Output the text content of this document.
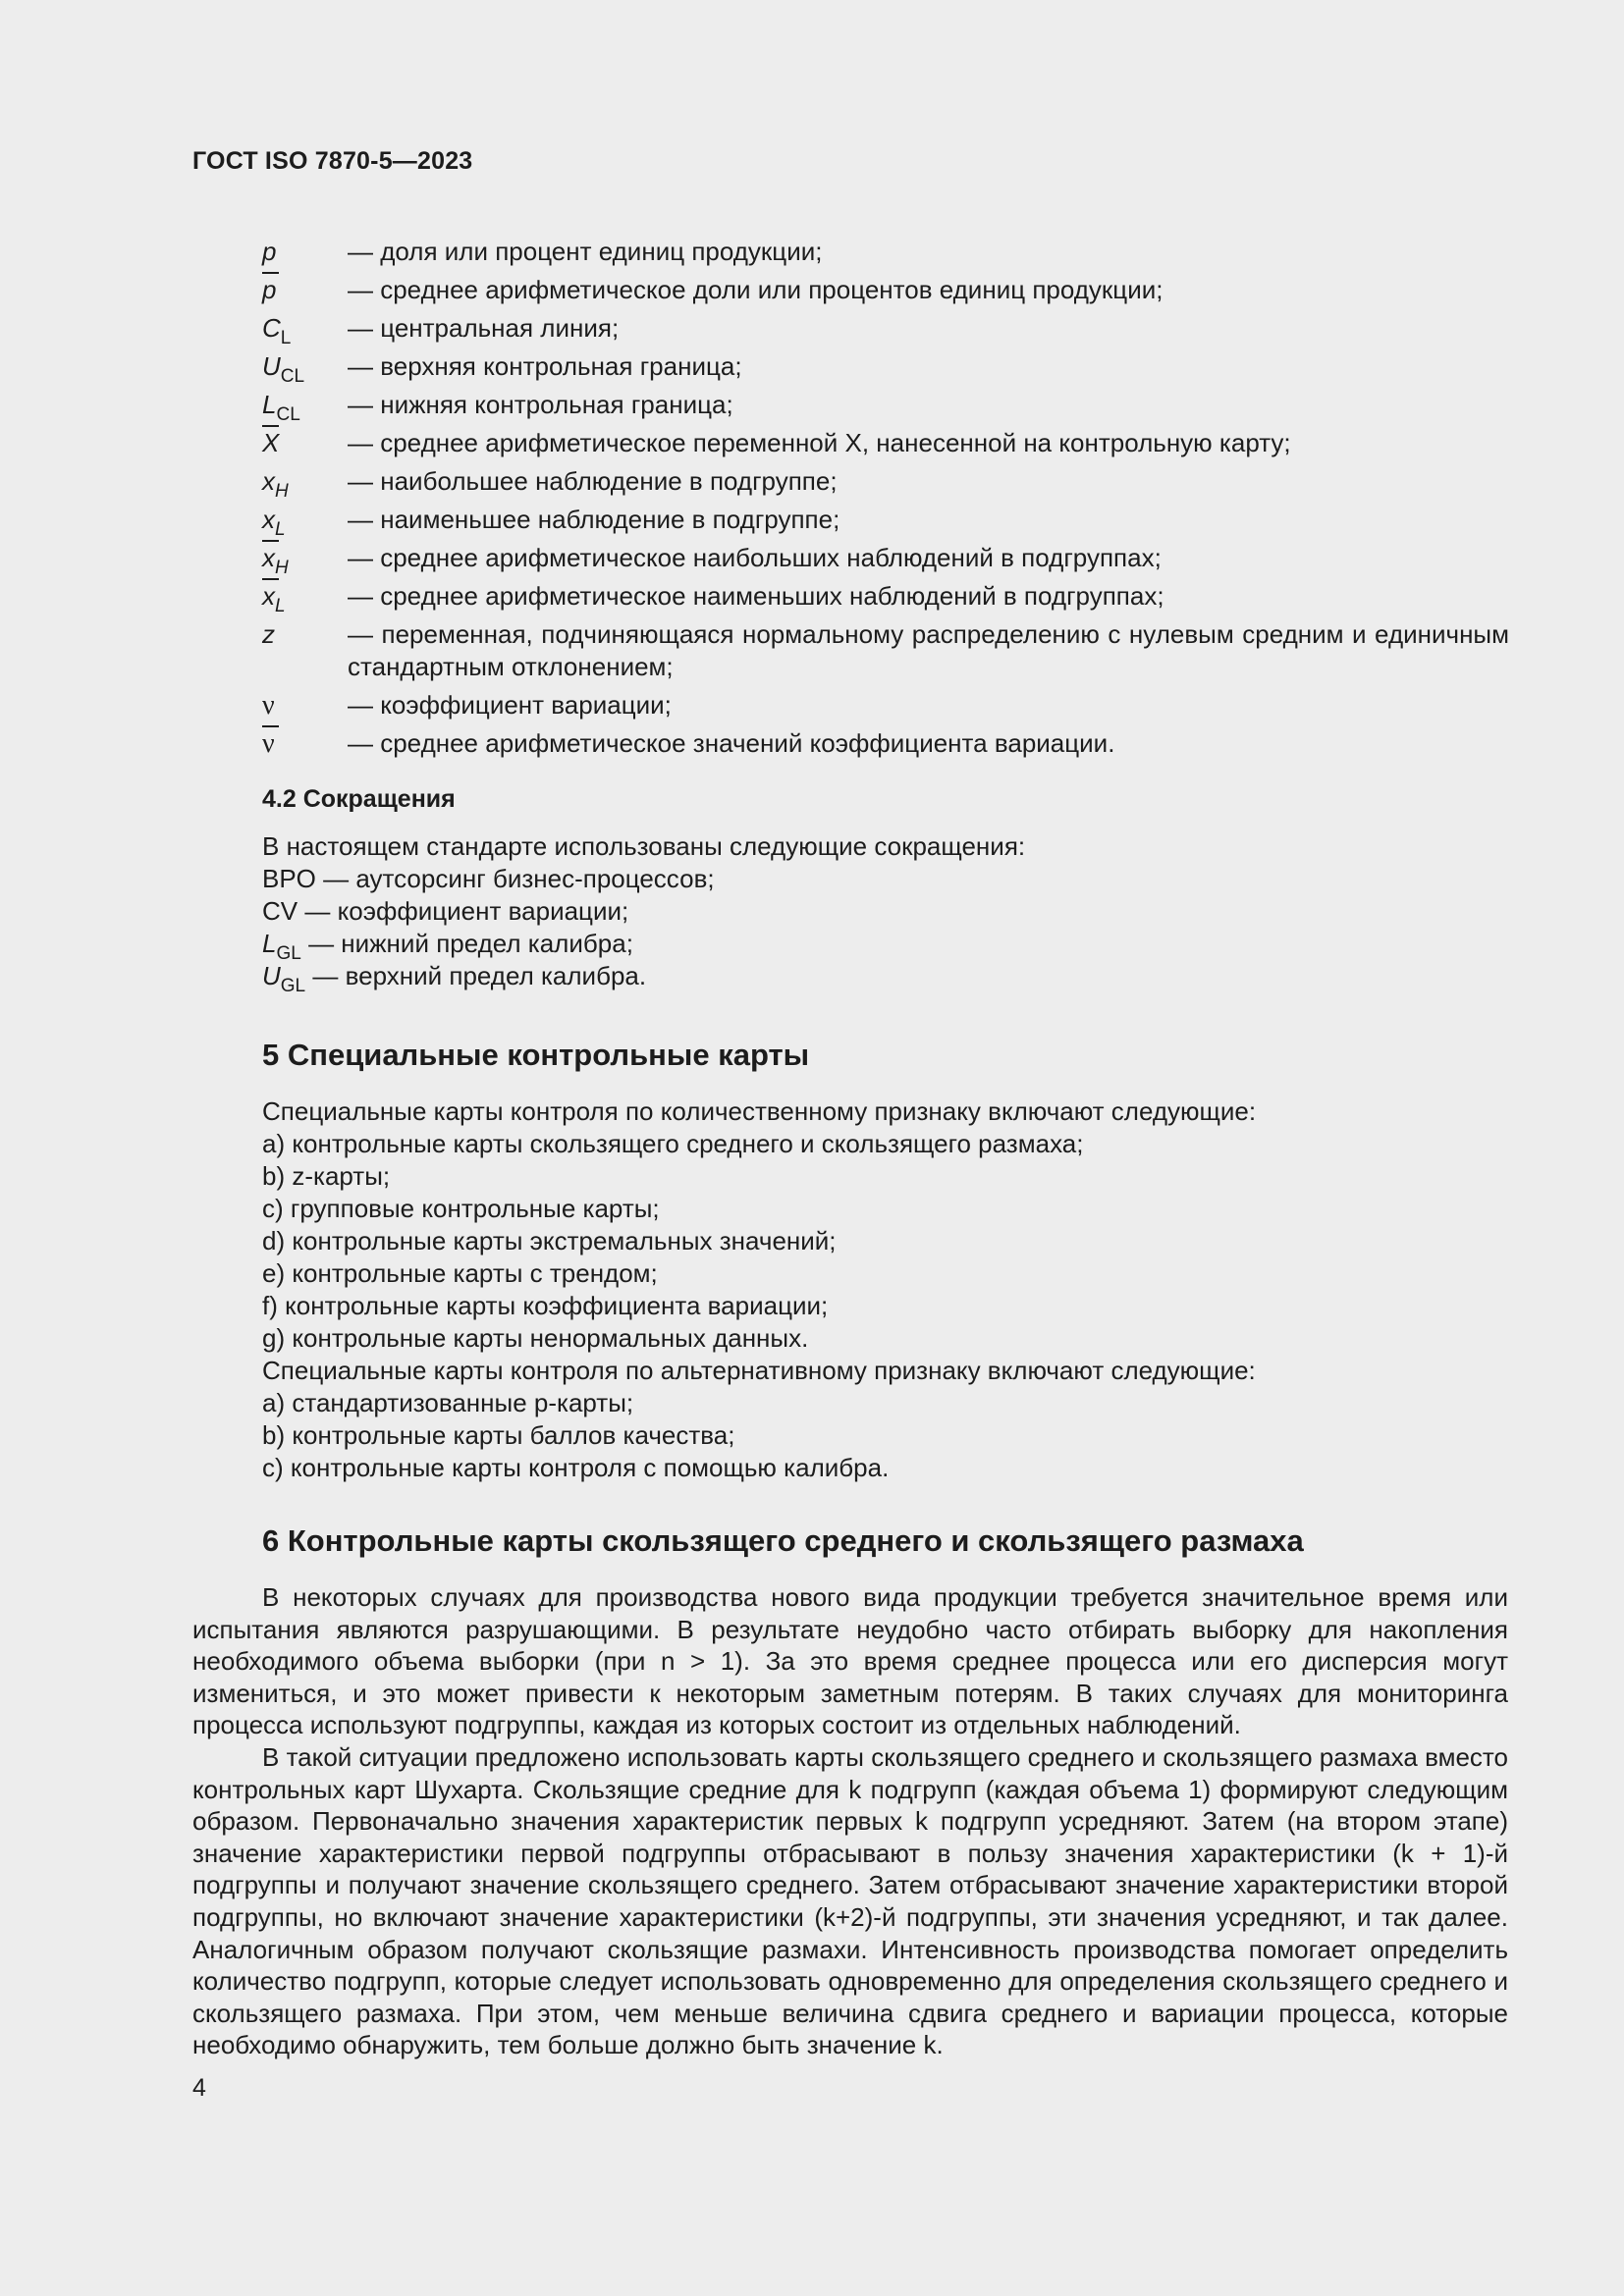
ГОСТ ISO 7870-5—2023
p	— доля или процент единиц продукции;
p	— среднее арифметическое доли или процентов единиц продукции;
$C_L$	— центральная линия;
$U_{CL}$	— верхняя контрольная граница;
$L_{CL}$	— нижняя контрольная граница;
X	— среднее арифметическое переменной X, нанесенной на контрольную карту;
$x_H$	— наибольшее наблюдение в подгруппе;
$x_L$	— наименьшее наблюдение в подгруппе;
$x_H$	— среднее арифметическое наибольших наблюдений в подгруппах;
$x_L$	— среднее арифметическое наименьших наблюдений в подгруппах;
z	— переменная, подчиняющаяся нормальному распределению с нулевым средним и единичным стандартным отклонением;
ν	— коэффициент вариации;
ν	— среднее арифметическое значений коэффициента вариации.
4.2 Сокращения
В настоящем стандарте использованы следующие сокращения:
BPO — аутсорсинг бизнес-процессов;
CV — коэффициент вариации;
$L_{GL}$ — нижний предел калибра;
$U_{GL}$ — верхний предел калибра.
5 Специальные контрольные карты
Специальные карты контроля по количественному признаку включают следующие:
a) контрольные карты скользящего среднего и скользящего размаха;
b) z-карты;
c) групповые контрольные карты;
d) контрольные карты экстремальных значений;
e) контрольные карты с трендом;
f) контрольные карты коэффициента вариации;
g) контрольные карты ненормальных данных.
Специальные карты контроля по альтернативному признаку включают следующие:
a) стандартизованные p-карты;
b) контрольные карты баллов качества;
c) контрольные карты контроля с помощью калибра.
6 Контрольные карты скользящего среднего и скользящего размаха

В некоторых случаях для производства нового вида продукции требуется значительное время или испытания являются разрушающими. В результате неудобно часто отбирать выборку для накопления необходимого объема выборки (при n > 1). За это время среднее процесса или его дисперсия могут измениться, и это может привести к некоторым заметным потерям. В таких случаях для мониторинга процесса используют подгруппы, каждая из которых состоит из отдельных наблюдений.

В такой ситуации предложено использовать карты скользящего среднего и скользящего размаха вместо контрольных карт Шухарта. Скользящие средние для k подгрупп (каждая объема 1) формируют следующим образом. Первоначально значения характеристик первых k подгрупп усредняют. Затем (на втором этапе) значение характеристики первой подгруппы отбрасывают в пользу значения характеристики (k + 1)-й подгруппы и получают значение скользящего среднего. Затем отбрасывают значение характеристики второй подгруппы, но включают значение характеристики (k+2)-й подгруппы, эти значения усредняют, и так далее. Аналогичным образом получают скользящие размахи. Интенсивность производства помогает определить количество подгрупп, которые следует использовать одновременно для определения скользящего среднего и скользящего размаха. При этом, чем меньше величина сдвига среднего и вариации процесса, которые необходимо обнаружить, тем больше должно быть значение k.

4
